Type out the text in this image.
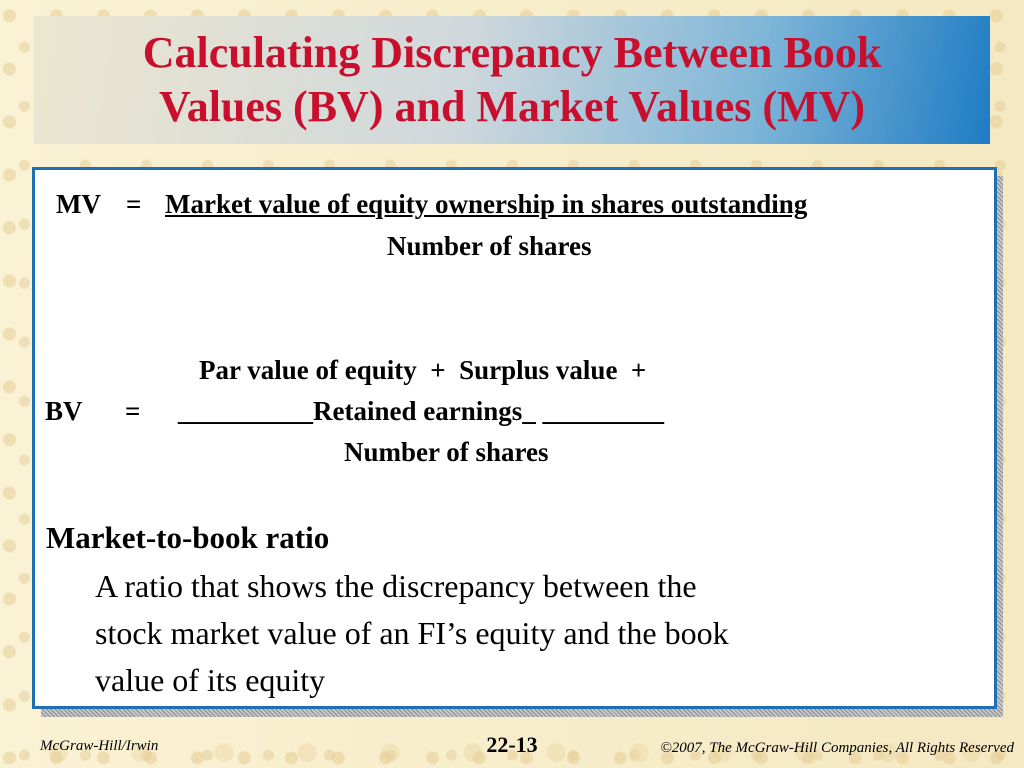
Calculating Discrepancy Between Book
Values (BV) and Market Values (MV)
MV = Market value of equity ownership in shares outstanding
Number of shares
Par value of equity  +  Surplus value  +
BV = __________Retained earnings_ _________
Number of shares
Market-to-book ratio
A ratio that shows the discrepancy between the
stock market value of an FI’s equity and the book
value of its equity
McGraw-Hill/Irwin	22-13	©2007, The McGraw-Hill Companies, All Rights Reserved
